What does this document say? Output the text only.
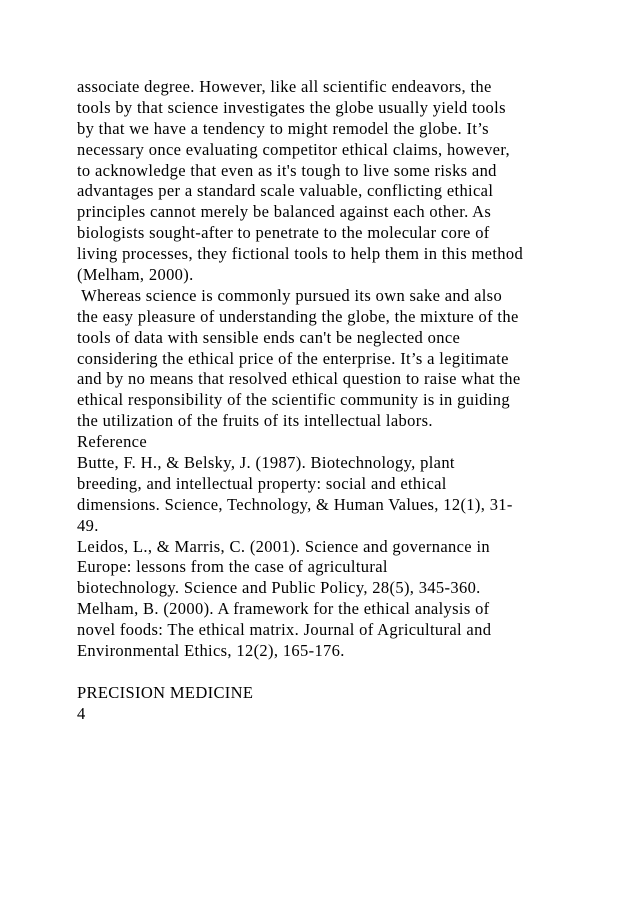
associate degree. However, like all scientific endeavors, the
tools by that science investigates the globe usually yield tools
by that we have a tendency to might remodel the globe. It’s
necessary once evaluating competitor ethical claims, however,
to acknowledge that even as it's tough to live some risks and
advantages per a standard scale valuable, conflicting ethical
principles cannot merely be balanced against each other. As
biologists sought-after to penetrate to the molecular core of
living processes, they fictional tools to help them in this method
(Melham, 2000).
Whereas science is commonly pursued its own sake and also
the easy pleasure of understanding the globe, the mixture of the
tools of data with sensible ends can't be neglected once
considering the ethical price of the enterprise. It’s a legitimate
and by no means that resolved ethical question to raise what the
ethical responsibility of the scientific community is in guiding
the utilization of the fruits of its intellectual labors.
Reference
Butte, F. H., & Belsky, J. (1987). Biotechnology, plant
breeding, and intellectual property: social and ethical
dimensions. Science, Technology, & Human Values, 12(1), 31-
49.
Leidos, L., & Marris, C. (2001). Science and governance in
Europe: lessons from the case of agricultural
biotechnology. Science and Public Policy, 28(5), 345-360.
Melham, B. (2000). A framework for the ethical analysis of
novel foods: The ethical matrix. Journal of Agricultural and
Environmental Ethics, 12(2), 165-176.
PRECISION MEDICINE
4
